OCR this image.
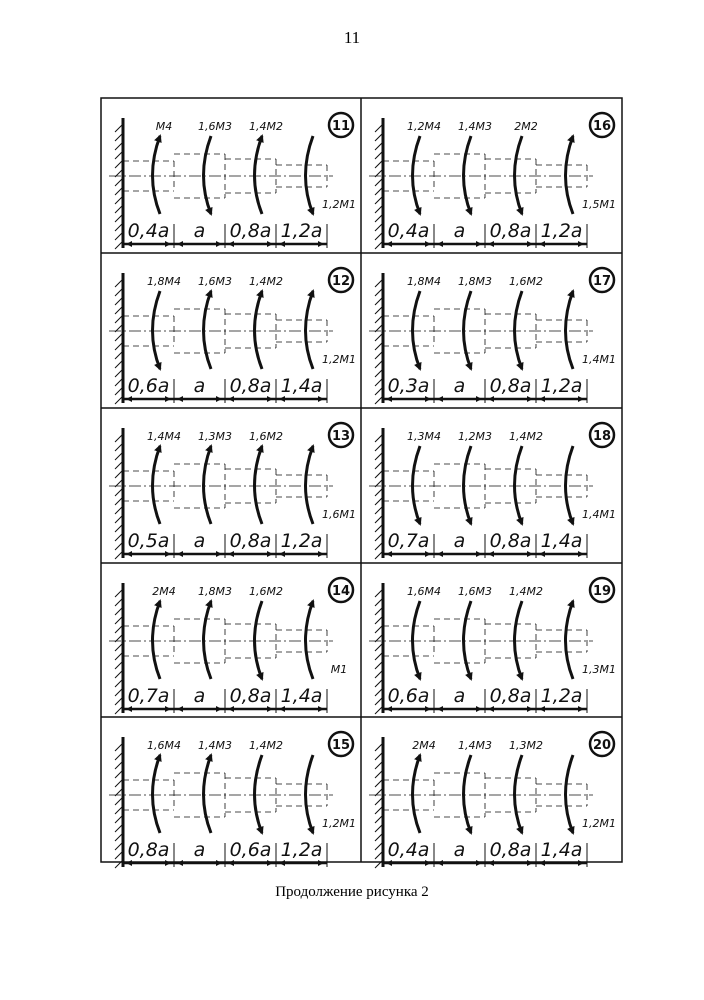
11
M4 1,6M3 1,4M2
1,2M1
11
0,4a a 0,8a 1,2a
1,8M4 1,6M3 1,4M2
1,2M1
12
0,6a a 0,8a 1,4a
1,4M4 1,3M3 1,6M2
1,6M1
13
0,5a a 0,8a 1,2a
2M4 1,8M3 1,6M2
M1
14
0,7a a 0,8a 1,4a
1,6M4 1,4M3 1,4M2
1,2M1
15
0,8a a 0,6a 1,2a
1,2M4 1,4M3 2M2
1,5M1
16
0,4a a 0,8a 1,2a
1,8M4 1,8M3 1,6M2
1,4M1
17
0,3a a 0,8a 1,2a
1,3M4 1,2M3 1,4M2
1,4M1
18
0,7a a 0,8a 1,4a
1,6M4 1,6M3 1,4M2
1,3M1
19
0,6a a 0,8a 1,2a
2M4 1,4M3 1,3M2
1,2M1
20
0,4a a 0,8a 1,4a
Продолжение рисунка 2
